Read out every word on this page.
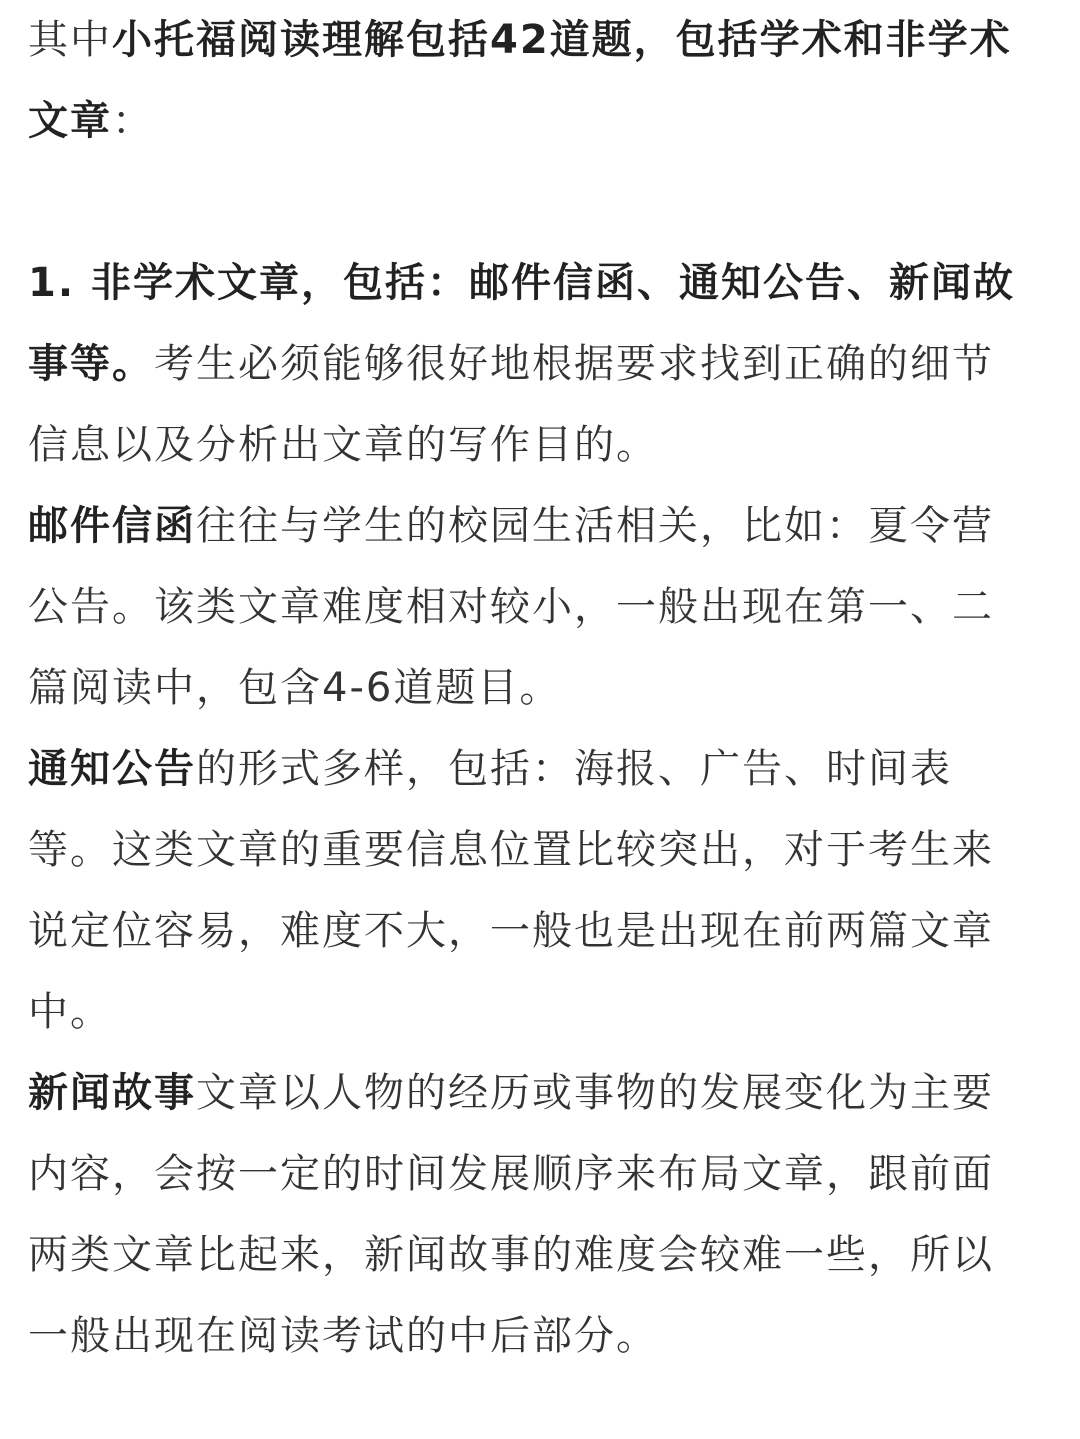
其中小托福阅读理解包括42道题，包括学术和非学术文章：

1. 非学术文章，包括：邮件信函、通知公告、新闻故事等。考生必须能够很好地根据要求找到正确的细节信息以及分析出文章的写作目的。

邮件信函往往与学生的校园生活相关，比如：夏令营公告。该类文章难度相对较小，一般出现在第一、二篇阅读中，包含4-6道题目。

通知公告的形式多样，包括：海报、广告、时间表等。这类文章的重要信息位置比较突出，对于考生来说定位容易，难度不大，一般也是出现在前两篇文章中。

新闻故事文章以人物的经历或事物的发展变化为主要内容，会按一定的时间发展顺序来布局文章，跟前面两类文章比起来，新闻故事的难度会较难一些，所以一般出现在阅读考试的中后部分。
